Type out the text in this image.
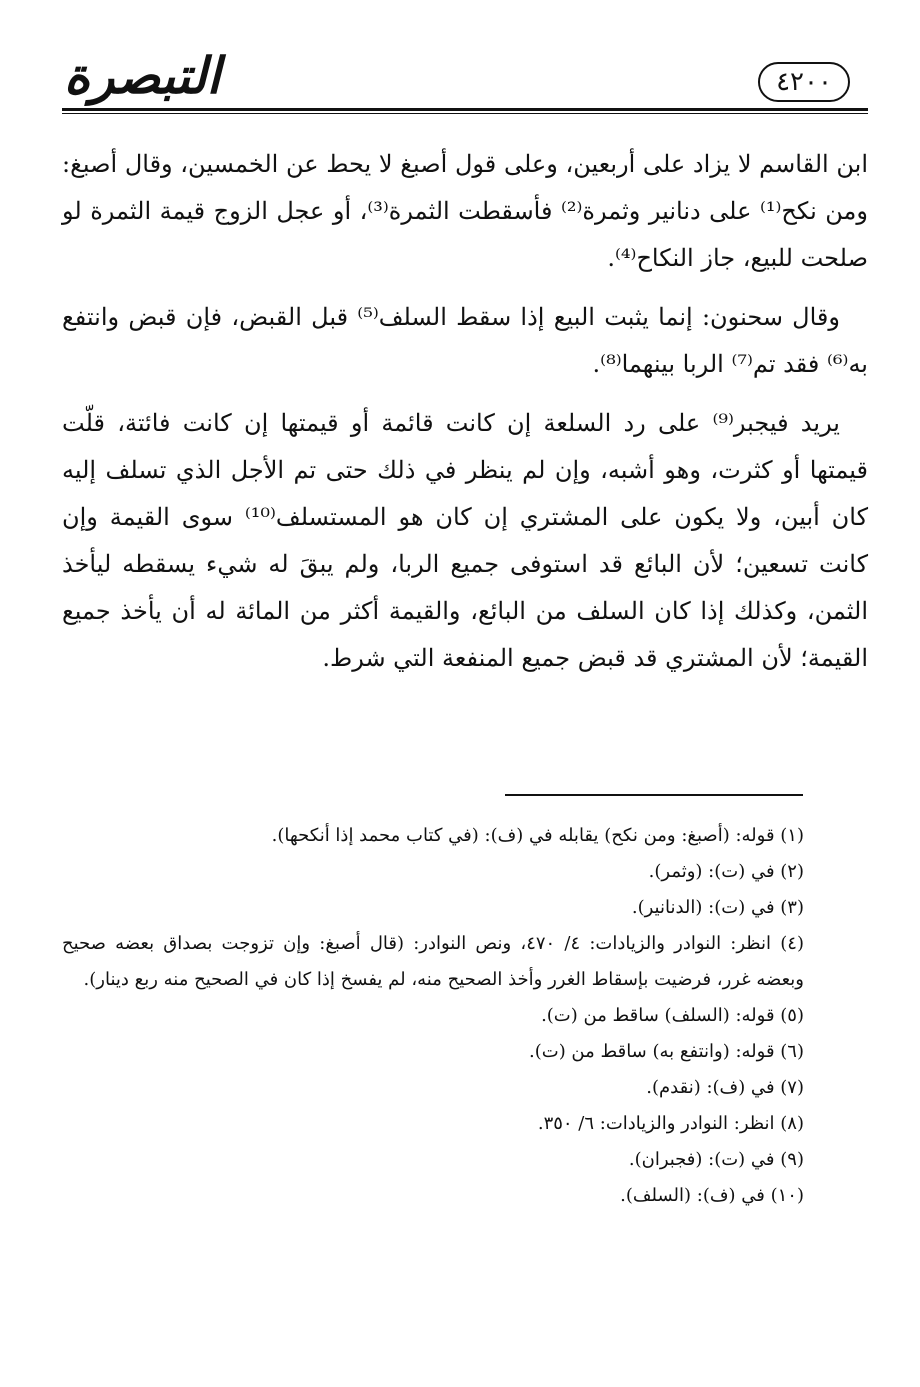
التبصرة	٤٢٠٠

ابن القاسم لا يزاد على أربعين، وعلى قول أصبغ لا يحط عن الخمسين، وقال أصبغ: ومن نكح⁽¹⁾ على دنانير وثمرة⁽²⁾ فأسقطت الثمرة⁽³⁾، أو عجل الزوج قيمة الثمرة لو صلحت للبيع، جاز النكاح⁽⁴⁾.

وقال سحنون: إنما يثبت البيع إذا سقط السلف⁽⁵⁾ قبل القبض، فإن قبض وانتفع به⁽⁶⁾ فقد تم⁽⁷⁾ الربا بينهما⁽⁸⁾.

يريد فيجبر⁽⁹⁾ على رد السلعة إن كانت قائمة أو قيمتها إن كانت فائتة، قلّت قيمتها أو كثرت، وهو أشبه، وإن لم ينظر في ذلك حتى تم الأجل الذي تسلف إليه كان أبين، ولا يكون على المشتري إن كان هو المستسلف⁽¹⁰⁾ سوى القيمة وإن كانت تسعين؛ لأن البائع قد استوفى جميع الربا، ولم يبقَ له شيء يسقطه ليأخذ الثمن، وكذلك إذا كان السلف من البائع، والقيمة أكثر من المائة له أن يأخذ جميع القيمة؛ لأن المشتري قد قبض جميع المنفعة التي شرط.

(١) قوله: (أصبغ: ومن نكح) يقابله في (ف): (في كتاب محمد إذا أنكحها).

(٢) في (ت): (وثمر).

(٣) في (ت): (الدنانير).

(٤) انظر: النوادر والزيادات: ٤/ ٤٧٠، ونص النوادر: (قال أصبغ: وإن تزوجت بصداق بعضه صحيح وبعضه غرر، فرضيت بإسقاط الغرر وأخذ الصحيح منه، لم يفسخ إذا كان في الصحيح منه ربع دينار).

(٥) قوله: (السلف) ساقط من (ت).

(٦) قوله: (وانتفع به) ساقط من (ت).

(٧) في (ف): (نقدم).

(٨) انظر: النوادر والزيادات: ٦/ ٣٥٠.

(٩) في (ت): (فجبران).

(١٠) في (ف): (السلف).
